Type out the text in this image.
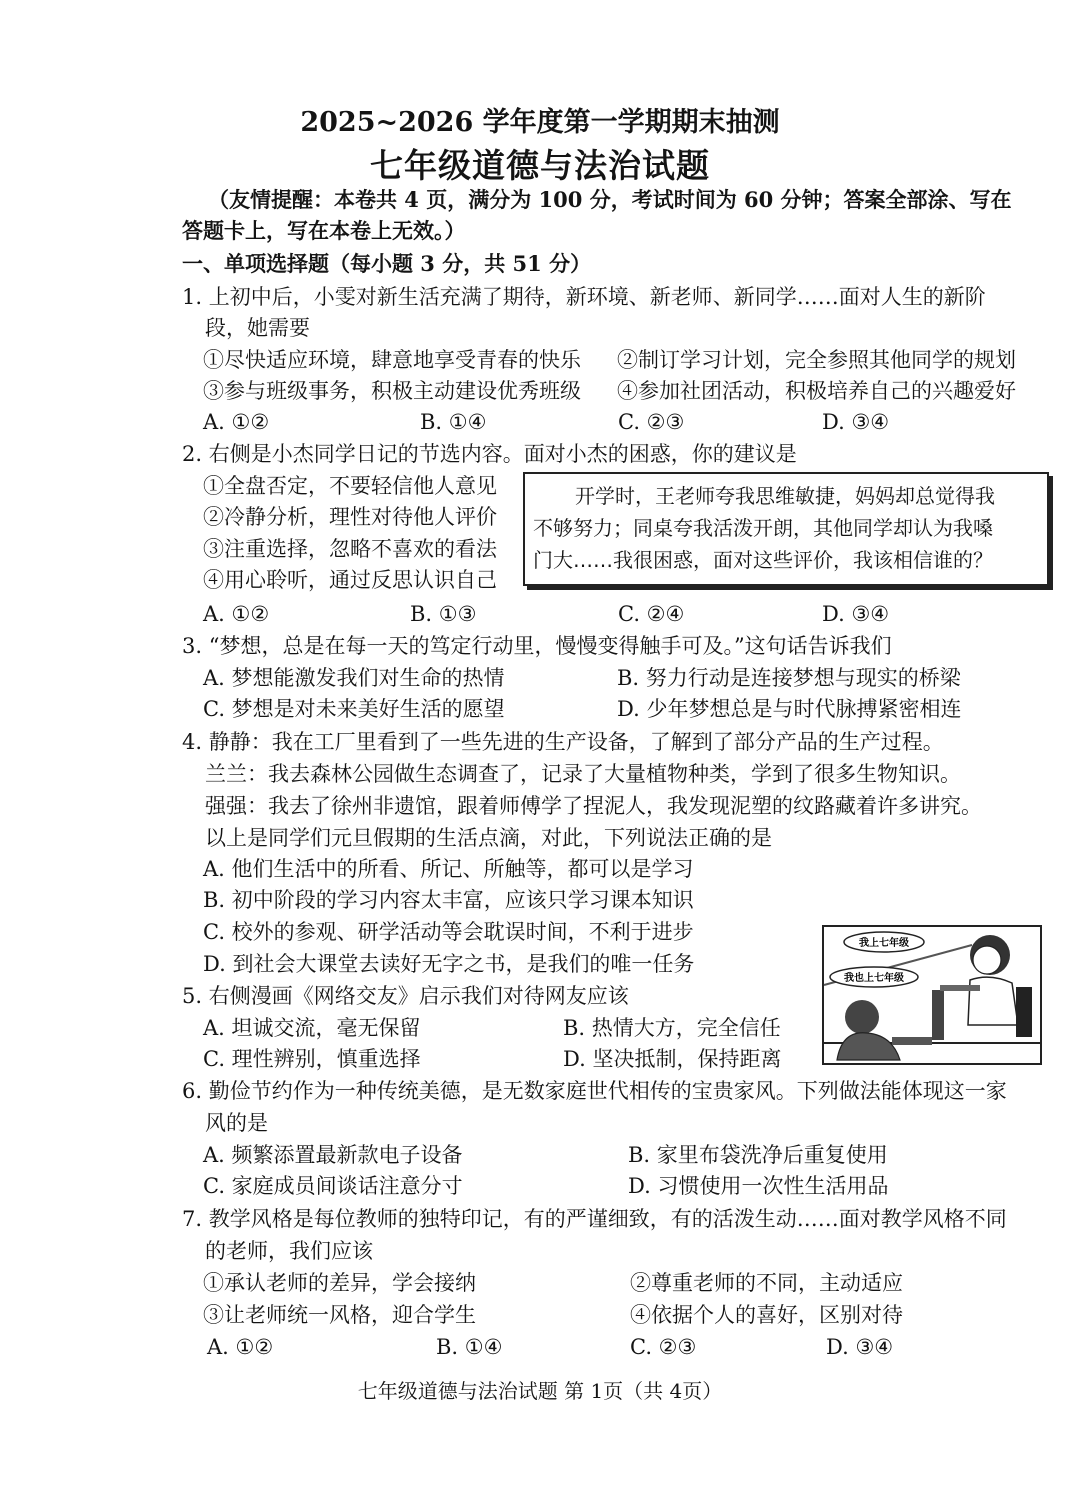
2025~2026 学年度第一学期期末抽测
七年级道德与法治试题
（友情提醒：本卷共 4 页，满分为 100 分，考试时间为 60 分钟；答案全部涂、写在
答题卡上，写在本卷上无效。）
一、单项选择题（每小题 3 分，共 51 分）
1. 上初中后，小雯对新生活充满了期待，新环境、新老师、新同学……面对人生的新阶
段，她需要
①尽快适应环境，肆意地享受青春的快乐 ②制订学习计划，完全参照其他同学的规划
③参与班级事务，积极主动建设优秀班级 ④参加社团活动，积极培养自己的兴趣爱好
A. ①②	B. ①④	C. ②③	D. ③④
2. 右侧是小杰同学日记的节选内容。面对小杰的困惑，你的建议是
①全盘否定，不要轻信他人意见
②冷静分析，理性对待他人评价
③注重选择，忽略不喜欢的看法
④用心聆听，通过反思认识自己
开学时，王老师夸我思维敏捷，妈妈却总觉得我
不够努力；同桌夸我活泼开朗，其他同学却认为我嗓
门大……我很困惑，面对这些评价，我该相信谁的？
A. ①②	B. ①③	C. ②④	D. ③④
3. “梦想，总是在每一天的笃定行动里，慢慢变得触手可及。”这句话告诉我们
A. 梦想能激发我们对生命的热情	B. 努力行动是连接梦想与现实的桥梁
C. 梦想是对未来美好生活的愿望	D. 少年梦想总是与时代脉搏紧密相连
4. 静静：我在工厂里看到了一些先进的生产设备，了解到了部分产品的生产过程。
兰兰：我去森林公园做生态调查了，记录了大量植物种类，学到了很多生物知识。
强强：我去了徐州非遗馆，跟着师傅学了捏泥人，我发现泥塑的纹路藏着许多讲究。
以上是同学们元旦假期的生活点滴，对此，下列说法正确的是
A. 他们生活中的所看、所记、所触等，都可以是学习
B. 初中阶段的学习内容太丰富，应该只学习课本知识
C. 校外的参观、研学活动等会耽误时间，不利于进步
D. 到社会大课堂去读好无字之书，是我们的唯一任务
5. 右侧漫画《网络交友》启示我们对待网友应该
A. 坦诚交流，毫无保留	B. 热情大方，完全信任
C. 理性辨别，慎重选择	D. 坚决抵制，保持距离
我上七年级
我也上七年级
6. 勤俭节约作为一种传统美德，是无数家庭世代相传的宝贵家风。下列做法能体现这一家
风的是
A. 频繁添置最新款电子设备	B. 家里布袋洗净后重复使用
C. 家庭成员间谈话注意分寸	D. 习惯使用一次性生活用品
7. 教学风格是每位教师的独特印记，有的严谨细致，有的活泼生动……面对教学风格不同
的老师，我们应该
①承认老师的差异，学会接纳	②尊重老师的不同，主动适应
③让老师统一风格，迎合学生	④依据个人的喜好，区别对待
A. ①②	B. ①④	C. ②③	D. ③④
七年级道德与法治试题 第 1页（共 4页）
